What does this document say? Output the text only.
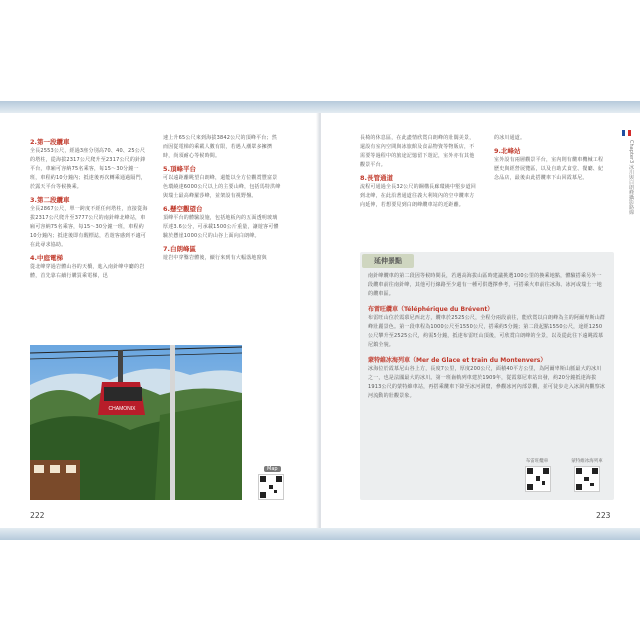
2.第一段纜車
全長2553公尺，經過3座分別高70、40、25公尺的塔柱，從海拔2317公尺爬升至2317公尺的針鋒平台，車廂可容納75名乘客，每15～30分鐘一班，車程約10分鐘內；抵達後再次轉乘通過隔門，於露天平台等候換乘。
3.第二段纜車
全長2867公尺，單一跨度不經任何塔柱，直接從海拔2317公尺爬升至3777公尺的南針峰北峰站，車廂可容納75名乘客，每15～30分鐘一班，車程約10分鐘內；抵達後即有醒標誌，若遊客感到不適可在此尋求協助。
4.中庭電梯
從北峰穿過岩體山谷的天橋，進入南針峰中廳的岩體，首先靠右續行購買乘電梯，迅
速上升65公尺來到海拔3842公尺的頂峰平台；然而因從電梯的乘載人數有限，若遇人潮眾多擁擠時，尚須耐心等候時間。
5.頂峰平台
可以遠距離眺望白朗峰，還能以全方位觀賞豐富景色環繞達6000公尺以上的主要山峰，包括馬特洪峰與瑞士最高峰羅莎峰，並架設有視野盤。
6.懸空觀望台
頂峰平台的體驗設施，包括地板內的五面透明玻璃厚達3.6公分，可承載1500公斤重量，讓遊客可體驗於懸崖1000公尺的山谷上面向白朗峰。
7.白朗峰區
遊岩中穿鑿岩體後，續行來到有大幅落地窗與
CHAMONIX
Map
222
長椅的休息區，在此盡情欣賞白朗峰的壯闊美景，還設有室內空間與冰旅館及食品物資等物販店，不需要等過程中的旅途記憶留下遊記，室外亦有其他觀景平台。
8.長管通道
流程可通過全長32公尺的鋼構長廊環繞中壑步道回到北峰，在此沿著通道往義大利境內的空中纜車方向延伸，若想要見到白朗峰纜車站的近距離。
的冰川通道。
9.北峰站
室外設有兩層觀景平台，室內則有纜車機械工程歷史與經營展覽區，以及自助式食堂、餐廳、紀念品店，最後由此搭纜車下山回霞慕尼。	Chapter3 冰川與白朗峰攝影路線
延伸景點
南針峰纜車的第二段因等候時間長，若遇高海拔山區時建議挑選100公里的換乘地點，體驗搭乘另外一段纜車前往南針峰，其他可行線路至少還有一種可供選擇參考，可搭乘火車前往冰海、冰河或瑞士一地的纜車區。
布雷旺纜車（Téléphérique du Brévent）
布雷旺山位於霞慕尼西北方，纜車於2525公尺，全程分兩段前往，能欣賞以白朗峰為主的阿爾卑斯山群峰壯麗景色。第一段車程為1000公尺至1550公尺，搭乘約5分鐘；第二段起點1550公尺，途經1250公尺攀升至2525公尺，約需5分鐘，抵達布雷旺山頂後，可欣賞白朗峰的全景，以及從此往下遠眺霞慕尼鎮全貌。
蒙特維冰海列車（Mer de Glace et train du Montenvers）
冰海位於霞慕尼山谷上方，長度7公里，厚度200公尺，面積40平方公里，為阿爾卑斯山脈最大的冰川之一，也是法國最大的冰川。第一班齒軌列車建於1909年，從霞慕尼車站出發，約20分鐘抵達海拔1913公尺的蒙特維車站，再搭乘纜車下降至冰河洞窟，參觀冰河內部景觀，並可徒步走入冰洞內觀察冰河流動的壯觀景象。
布雷旺纜車	蒙特維冰海列車
223
